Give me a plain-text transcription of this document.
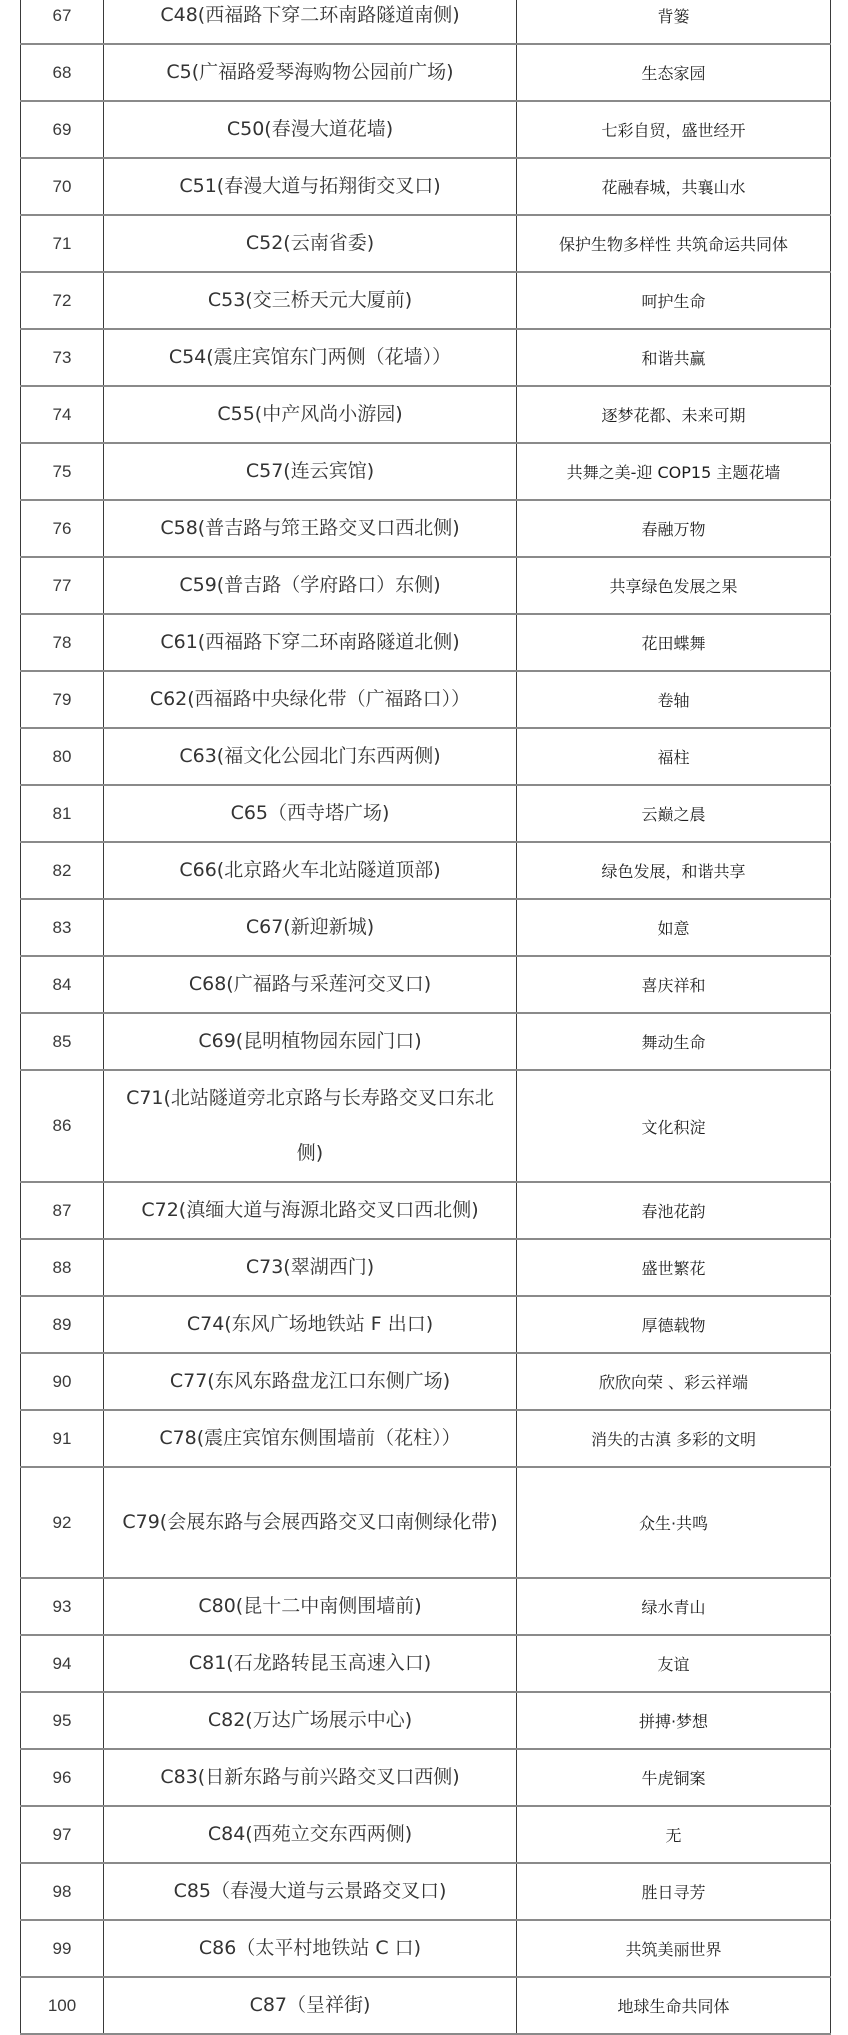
67	C48(西福路下穿二环南路隧道南侧)	背篓
68	C5(广福路爱琴海购物公园前广场)	生态家园
69	C50(春漫大道花墙)	七彩自贸，盛世经开
70	C51(春漫大道与拓翔街交叉口)	花融春城，共襄山水
71	C52(云南省委)	保护生物多样性 共筑命运共同体
72	C53(交三桥天元大厦前)	呵护生命
73	C54(震庄宾馆东门两侧（花墙））	和谐共赢
74	C55(中产风尚小游园)	逐梦花都、未来可期
75	C57(连云宾馆)	共舞之美-迎 COP15 主题花墙
76	C58(普吉路与筇王路交叉口西北侧)	春融万物
77	C59(普吉路（学府路口）东侧)	共享绿色发展之果
78	C61(西福路下穿二环南路隧道北侧)	花田蝶舞
79	C62(西福路中央绿化带（广福路口））	卷轴
80	C63(福文化公园北门东西两侧)	福柱
81	C65（西寺塔广场)	云巅之晨
82	C66(北京路火车北站隧道顶部)	绿色发展，和谐共享
83	C67(新迎新城)	如意
84	C68(广福路与采莲河交叉口)	喜庆祥和
85	C69(昆明植物园东园门口)	舞动生命
86	C71(北站隧道旁北京路与长寿路交叉口东北侧)	文化积淀
87	C72(滇缅大道与海源北路交叉口西北侧)	春池花韵
88	C73(翠湖西门)	盛世繁花
89	C74(东风广场地铁站 F 出口)	厚德载物
90	C77(东风东路盘龙江口东侧广场)	欣欣向荣 、彩云祥端
91	C78(震庄宾馆东侧围墙前（花柱））	消失的古滇 多彩的文明
92	C79(会展东路与会展西路交叉口南侧绿化带)	众生·共鸣
93	C80(昆十二中南侧围墙前)	绿水青山
94	C81(石龙路转昆玉高速入口)	友谊
95	C82(万达广场展示中心)	拼搏·梦想
96	C83(日新东路与前兴路交叉口西侧)	牛虎铜案
97	C84(西苑立交东西两侧)	无
98	C85（春漫大道与云景路交叉口)	胜日寻芳
99	C86（太平村地铁站 C 口)	共筑美丽世界
100	C87（呈祥街)	地球生命共同体
